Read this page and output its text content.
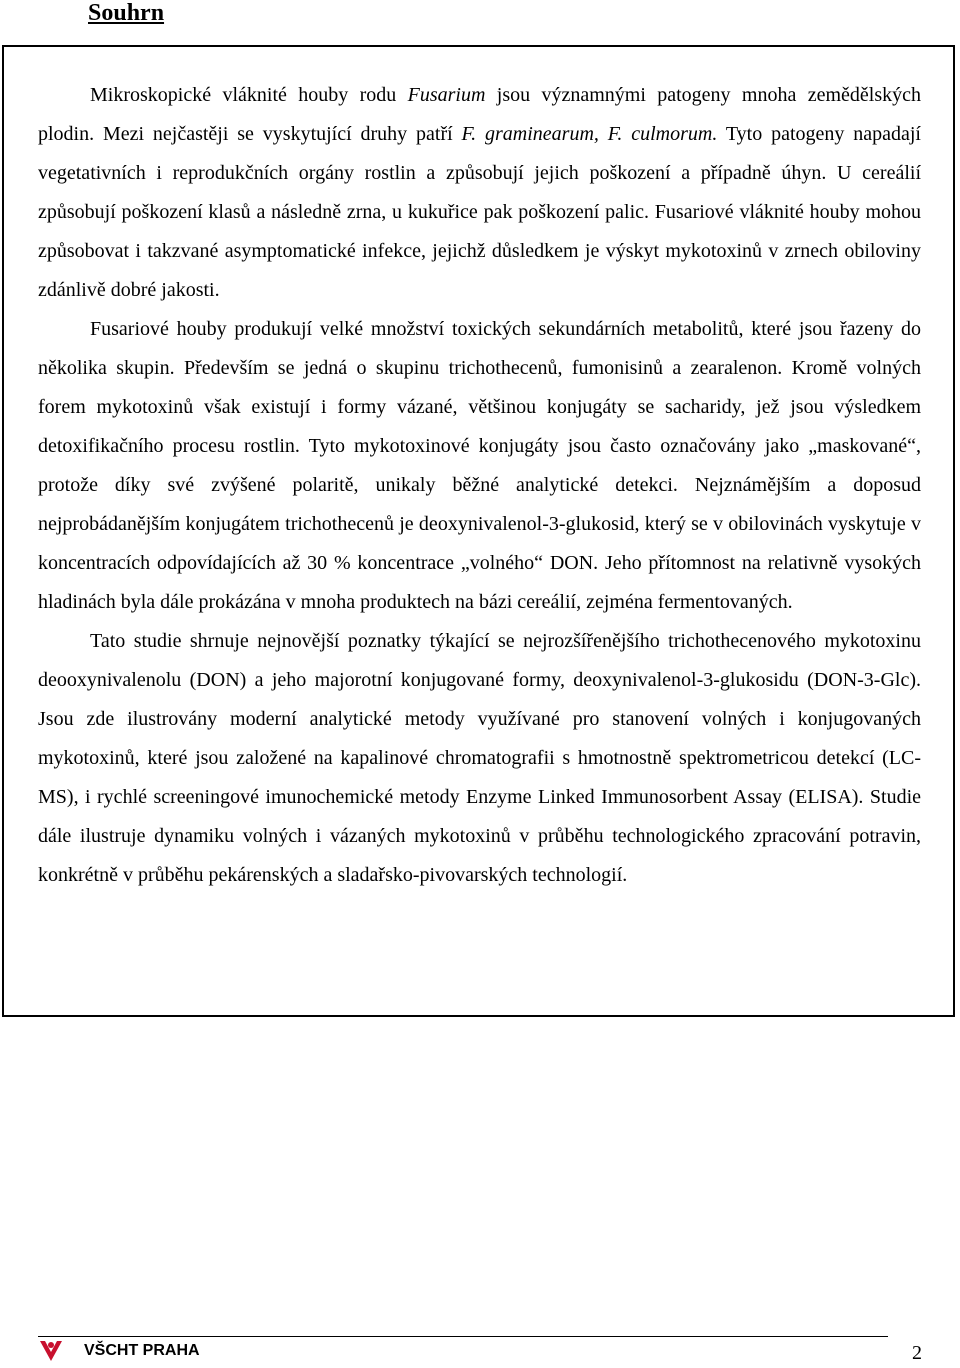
Souhrn

Mikroskopické vláknité houby rodu Fusarium jsou významnými patogeny mnoha zemědělských plodin. Mezi nejčastěji se vyskytující druhy patří F. graminearum, F. culmorum. Tyto patogeny napadají vegetativních i reprodukčních orgány rostlin a způsobují jejich poškození a případně úhyn. U cereálií způsobují poškození klasů a následně zrna, u kukuřice pak poškození palic. Fusariové vláknité houby mohou způsobovat i takzvané asymptomatické infekce, jejichž důsledkem je výskyt mykotoxinů v zrnech obiloviny zdánlivě dobré jakosti.

Fusariové houby produkují velké množství toxických sekundárních metabolitů, které jsou řazeny do několika skupin. Především se jedná o skupinu trichothecenů, fumonisinů a zearalenon. Kromě volných forem mykotoxinů však existují i formy vázané, většinou konjugáty se sacharidy, jež jsou výsledkem detoxifikačního procesu rostlin. Tyto mykotoxinové konjugáty jsou často označovány jako „maskované“, protože díky své zvýšené polaritě, unikaly běžné analytické detekci. Nejznámějším a doposud nejprobádanějším konjugátem trichothecenů je deoxynivalenol-3-glukosid, který se v obilovinách vyskytuje v koncentracích odpovídajících až 30 % koncentrace „volného“ DON. Jeho přítomnost na relativně vysokých hladinách byla dále prokázána v mnoha produktech na bázi cereálií, zejména fermentovaných.

Tato studie shrnuje nejnovější poznatky týkající se nejrozšířenějšího trichothecenového mykotoxinu deooxynivalenolu (DON) a jeho majorotní konjugované formy, deoxynivalenol-3-glukosidu (DON-3-Glc). Jsou zde ilustrovány moderní analytické metody využívané pro stanovení volných i konjugovaných mykotoxinů, které jsou založené na kapalinové chromatografii s hmotnostně spektrometricou detekcí (LC-MS), i rychlé screeningové imunochemické metody Enzyme Linked Immunosorbent Assay (ELISA). Studie dále ilustruje dynamiku volných i vázaných mykotoxinů v průběhu technologického zpracování potravin, konkrétně v průběhu pekárenských a sladařsko-pivovarských technologií.

VŠCHT PRAHA	2
